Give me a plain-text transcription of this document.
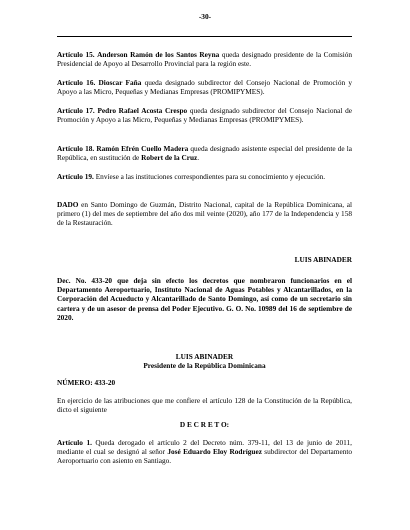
-30-

Artículo 15. Anderson Ramón de los Santos Reyna queda designado presidente de la Comisión Presidencial de Apoyo al Desarrollo Provincial para la región este.

Artículo 16. Dioscar Faña queda designado subdirector del Consejo Nacional de Promoción y Apoyo a las Micro, Pequeñas y Medianas Empresas (PROMIPYMES).

Artículo 17. Pedro Rafael Acosta Crespo queda designado subdirector del Consejo Nacional de Promoción y Apoyo a las Micro, Pequeñas y Medianas Empresas (PROMIPYMES).

Artículo 18. Ramón Efrén Cuello Madera queda designado asistente especial del presidente de la República, en sustitución de Robert de la Cruz.

Artículo 19. Envíese a las instituciones correspondientes para su conocimiento y ejecución.

DADO en Santo Domingo de Guzmán, Distrito Nacional, capital de la República Dominicana, al primero (1) del mes de septiembre del año dos mil veinte (2020), año 177 de la Independencia y 158 de la Restauración.

LUIS ABINADER

Dec. No. 433-20 que deja sin efecto los decretos que nombraron funcionarios en el Departamento Aeroportuario, Instituto Nacional de Aguas Potables y Alcantarillados, en la Corporación del Acueducto y Alcantarillado de Santo Domingo, así como de un secretario sin cartera y de un asesor de prensa del Poder Ejecutivo. G. O. No. 10989 del 16 de septiembre de 2020.

LUIS ABINADER
Presidente de la República Dominicana
NÚMERO: 433-20

En ejercicio de las atribuciones que me confiere el artículo 128 de la Constitución de la República, dicto el siguiente

D E C R E T O:

Artículo 1. Queda derogado el artículo 2 del Decreto núm. 379-11, del 13 de junio de 2011, mediante el cual se designó al señor José Eduardo Eloy Rodríguez subdirector del Departamento Aeroportuario con asiento en Santiago.
